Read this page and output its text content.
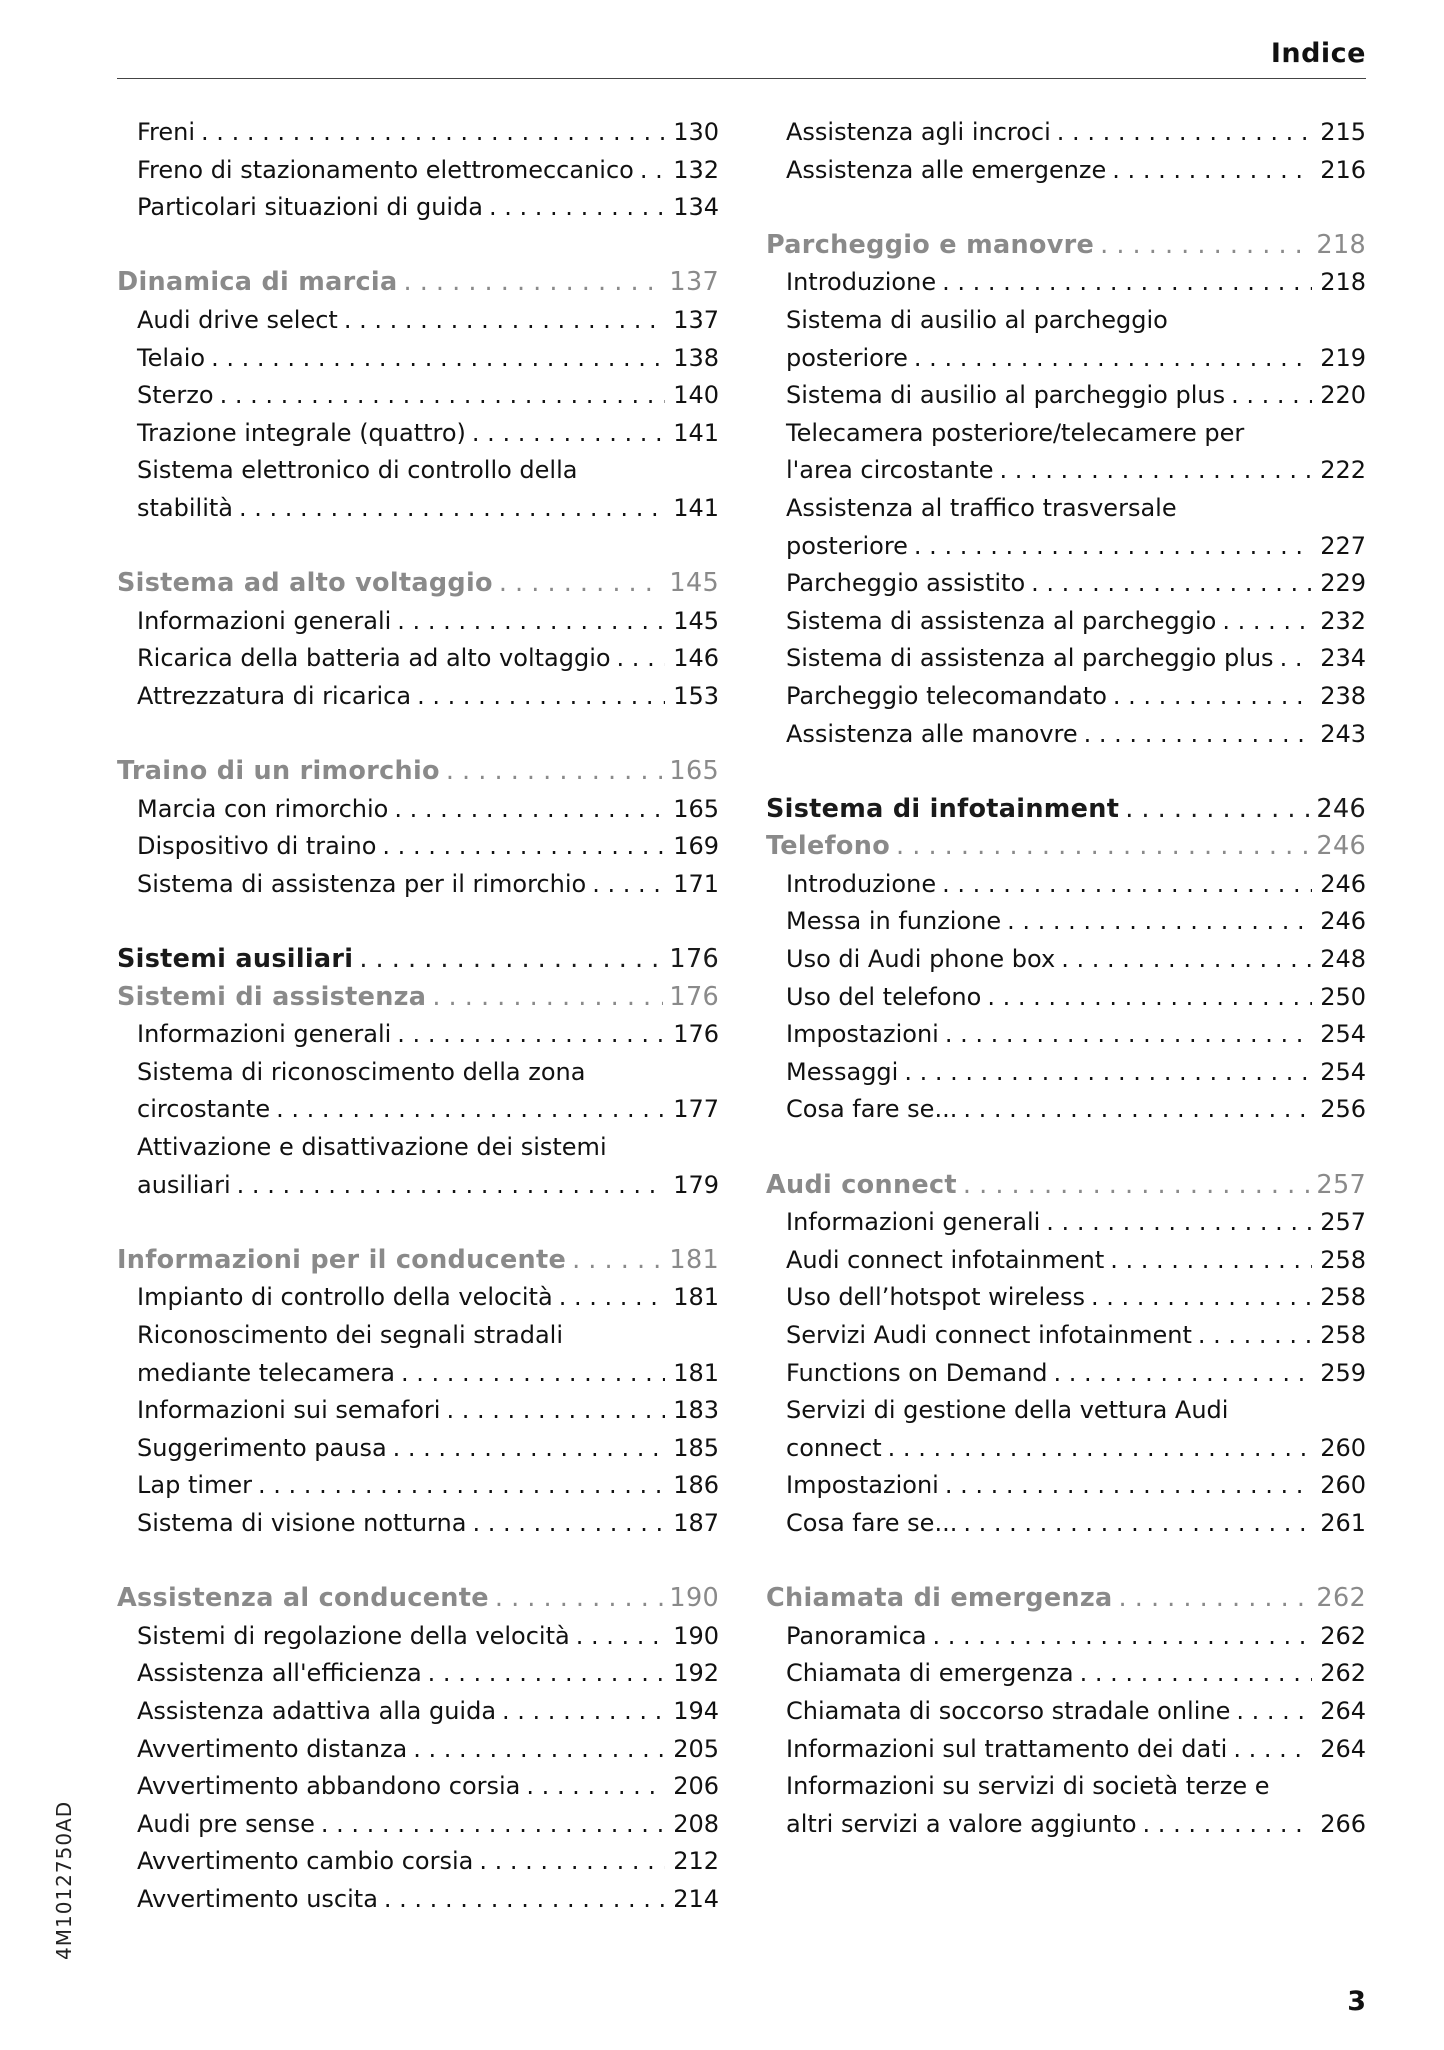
Indice
Freni . . .	130
Freno di stazionamento elettromeccanico . . . 132
Particolari situazioni di guida . . .	134
Dinamica di marcia . . .	137
Audi drive select . . .	137
Telaio . . .	138
Sterzo . . .	140
Trazione integrale (quattro) . . .	141
Sistema elettronico di controllo della
stabilità . . .	141
Sistema ad alto voltaggio . . .	145
Informazioni generali . . .	145
Ricarica della batteria ad alto voltaggio . . .	146
Attrezzatura di ricarica . . .	153
Traino di un rimorchio . . .	165
Marcia con rimorchio . . .	165
Dispositivo di traino . . .	169
Sistema di assistenza per il rimorchio . . .	171
Sistemi ausiliari . . .	176
Sistemi di assistenza . . .	176
Informazioni generali . . .	176
Sistema di riconoscimento della zona
circostante . . .	177
Attivazione e disattivazione dei sistemi
ausiliari . . .	179
Informazioni per il conducente . . .	181
Impianto di controllo della velocità . . .	181
Riconoscimento dei segnali stradali
mediante telecamera . . .	181
Informazioni sui semafori . . .	183
Suggerimento pausa . . .	185
Lap timer . . .	186
Sistema di visione notturna . . .	187
Assistenza al conducente . . .	190
Sistemi di regolazione della velocità . . .	190
Assistenza all'efficienza . . .	192
Assistenza adattiva alla guida . . .	194
Avvertimento distanza . . .	205
Avvertimento abbandono corsia . . .	206
Audi pre sense . . .	208
Avvertimento cambio corsia . . .	212
Avvertimento uscita . . .	214
Assistenza agli incroci . . .	215
Assistenza alle emergenze . . .	216
Parcheggio e manovre . . .	218
Introduzione . . .	218
Sistema di ausilio al parcheggio
posteriore . . .	219
Sistema di ausilio al parcheggio plus . . .	220
Telecamera posteriore/telecamere per
l'area circostante . . .	222
Assistenza al traffico trasversale
posteriore . . .	227
Parcheggio assistito . . .	229
Sistema di assistenza al parcheggio . . .	232
Sistema di assistenza al parcheggio plus . . . 234
Parcheggio telecomandato . . .	238
Assistenza alle manovre . . .	243
Sistema di infotainment . . .	246
Telefono . . .	246
Introduzione . . .	246
Messa in funzione . . .	246
Uso di Audi phone box . . .	248
Uso del telefono . . .	250
Impostazioni . . .	254
Messaggi . . .	254
Cosa fare se... . . .	256
Audi connect . . .	257
Informazioni generali . . .	257
Audi connect infotainment . . .	258
Uso dell’hotspot wireless . . .	258
Servizi Audi connect infotainment . . .	258
Functions on Demand . . .	259
Servizi di gestione della vettura Audi
connect . . .	260
Impostazioni . . .	260
Cosa fare se... . . .	261
Chiamata di emergenza . . .	262
Panoramica . . .	262
Chiamata di emergenza . . .	262
Chiamata di soccorso stradale online . . .	264
Informazioni sul trattamento dei dati . . .	264
Informazioni su servizi di società terze e
altri servizi a valore aggiunto . . .	266
4M1012750AD
3
